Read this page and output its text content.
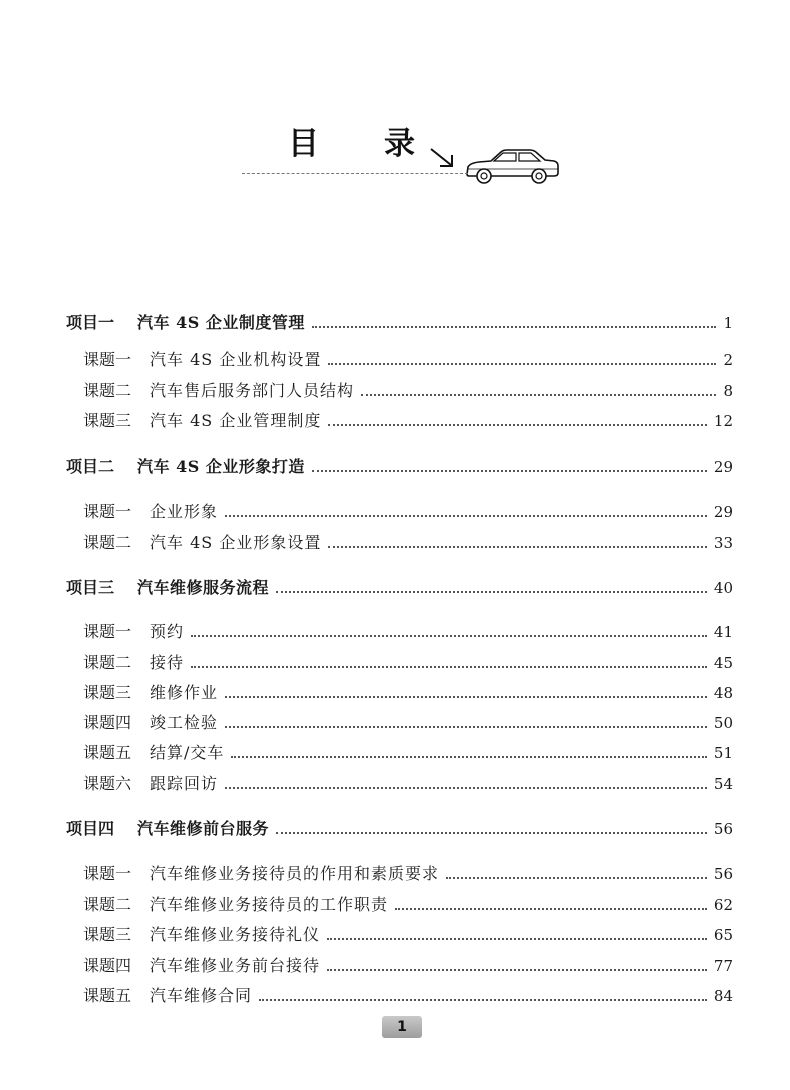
目 录
项目一	汽车 4S 企业制度管理	1
课题一	汽车 4S 企业机构设置	2
课题二	汽车售后服务部门人员结构	8
课题三	汽车 4S 企业管理制度	12
项目二	汽车 4S 企业形象打造	29
课题一	企业形象	29
课题二	汽车 4S 企业形象设置	33
项目三	汽车维修服务流程	40
课题一	预约	41
课题二	接待	45
课题三	维修作业	48
课题四	竣工检验	50
课题五	结算/交车	51
课题六	跟踪回访	54
项目四	汽车维修前台服务	56
课题一	汽车维修业务接待员的作用和素质要求	56
课题二	汽车维修业务接待员的工作职责	62
课题三	汽车维修业务接待礼仪	65
课题四	汽车维修业务前台接待	77
课题五	汽车维修合同	84
1
